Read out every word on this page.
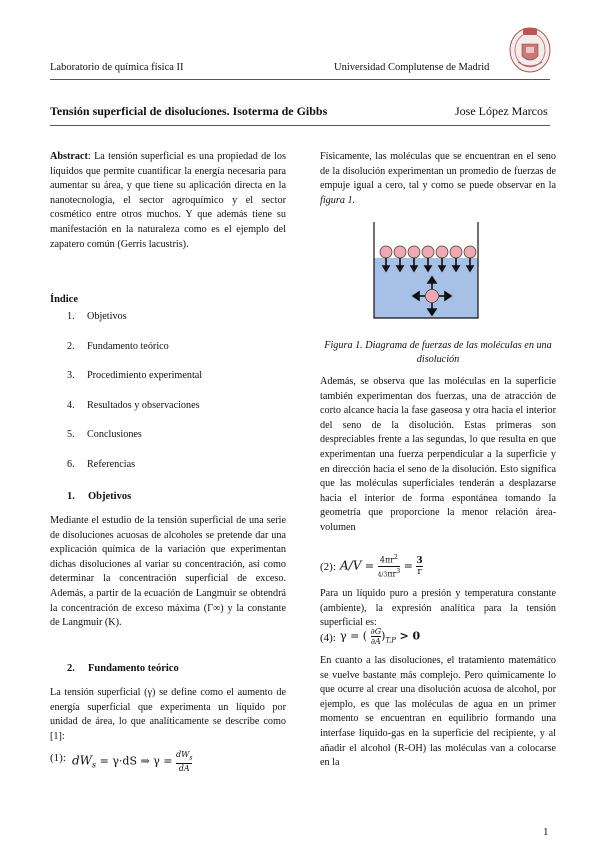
Laboratorio de química física II	Universidad Complutense de Madrid
Tensión superficial de disoluciones. Isoterma de Gibbs	Jose López Marcos

Abstract: La tensión superficial es una propiedad de los líquidos que permite cuantificar la energía necesaria para aumentar su área, y que tiene su aplicación directa en la nanotecnología, el sector agroquímico y el sector cosmético entre otros muchos. Y que además tiene su manifestación en la naturaleza como es el ejemplo del zapatero común (Gerris lacustris).

Índice
1. Objetivos
2. Fundamento teórico
3. Procedimiento experimental
4. Resultados y observaciones
5. Conclusiones
6. Referencias
1.     Objetivos
Mediante el estudio de la tensión superficial de una serie de disoluciones acuosas de alcoholes se pretende dar una explicación química de la variación que experimentan dichas disoluciones al variar su concentración, así como determinar la concentración superficial de exceso. Además, a partir de la ecuación de Langmuir se obtendrá la concentración de exceso máxima (Γ∞) y la constante de Langmuir (K).
2.     Fundamento teórico
La tensión superficial (γ) se define como el aumento de energía superficial que experimenta un líquido por unidad de área, lo que analíticamente se describe como [1]:
(1): $dW_s = \gamma\cdot dS$ ⇒ $\gamma = dW_s$
dA
Físicamente, las moléculas que se encuentran en el seno de la disolución experimentan un promedio de fuerzas de empuje igual a cero, tal y como se puede observar en la figura 1.
Figura 1. Diagrama de fuerzas de las moléculas en una disolución
Además, se observa que las moléculas en la superficie también experimentan dos fuerzas, una de atracción de corto alcance hacia la fase gaseosa y otra hacia el interior del seno de la disolución. Estas primeras son despreciables frente a las segundas, lo que resulta en que experimentan una fuerza perpendicular a la superficie y en dirección hacia el seno de la disolución. Esto significa que las moléculas superficiales tenderán a desplazarse hacia el interior de forma espontánea tomando la geometría que proporcione la menor relación área-volumen
(2): $A/V = \frac{4\pi r^2}{4/3\pi r^3} = \frac{3}{r}$
Para un líquido puro a presión y temperatura constante (ambiente), la expresión analítica para la tensión superficial es:
(4): γ = ( $\frac{\partial G}{\partial A} )_{T,P} > 0$
En cuanto a las disoluciones, el tratamiento matemático se vuelve bastante más complejo. Pero químicamente lo que ocurre al crear una disolución acuosa de alcohol, por ejemplo, es que las moléculas de agua en un primer momento se encuentran en equilibrio formando una interfase líquido-gas en la superficie del recipiente, y al añadir el alcohol (R-OH) las moléculas van a colocarse en la
1
